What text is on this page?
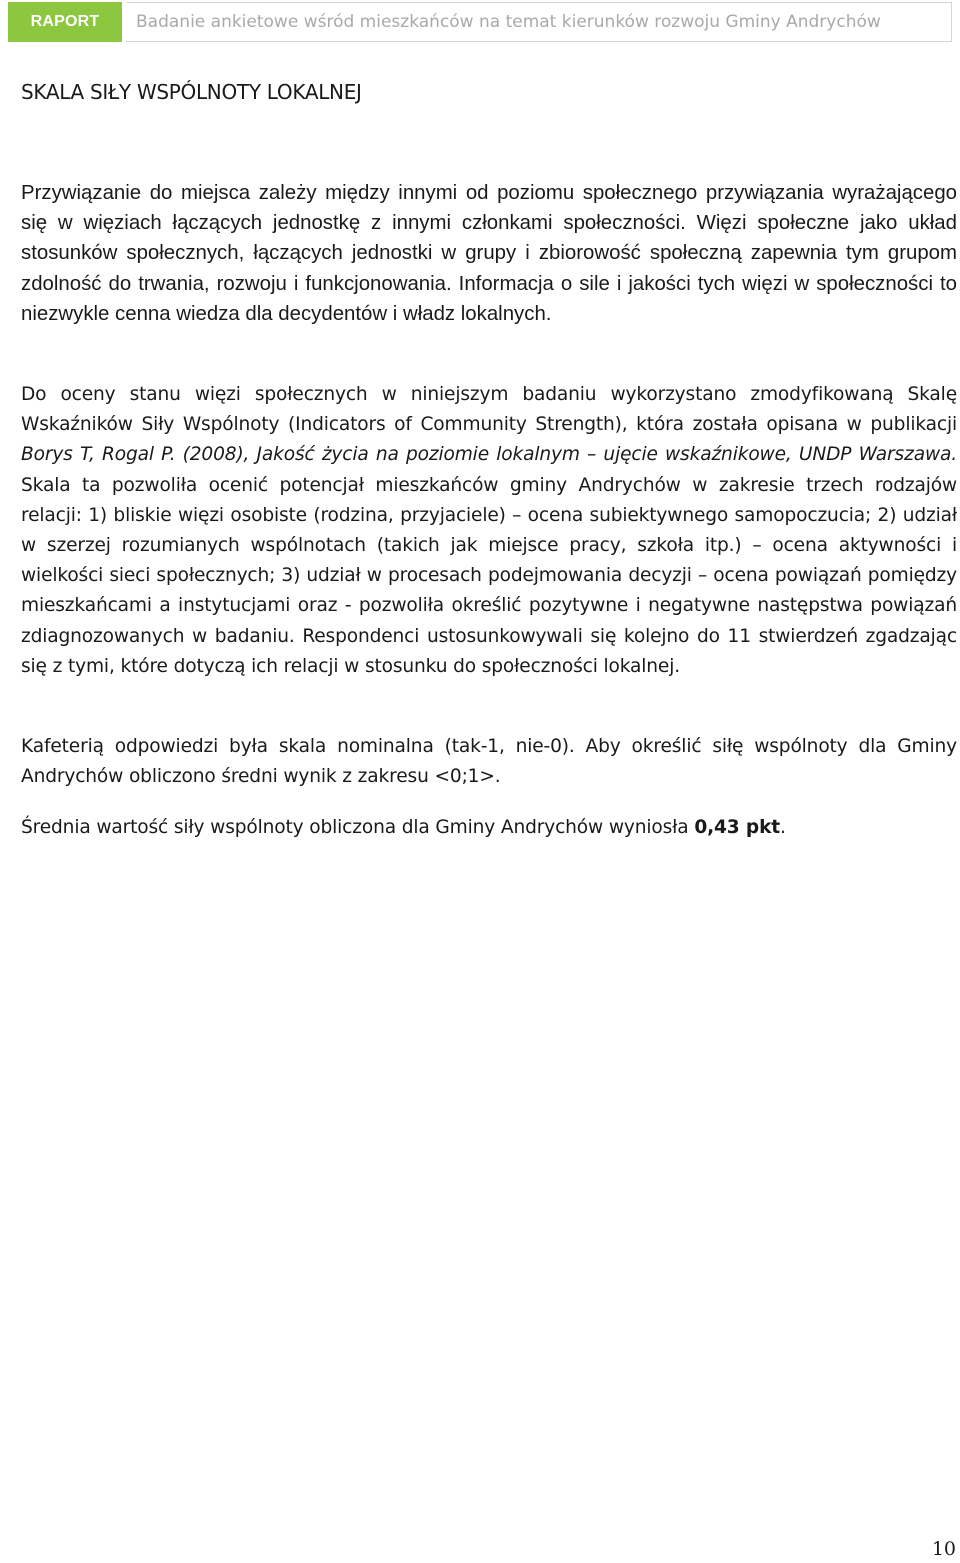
RAPORT	Badanie ankietowe wśród mieszkańców na temat kierunków rozwoju Gminy Andrychów
SKALA SIŁY WSPÓLNOTY LOKALNEJ

Przywiązanie do miejsca zależy między innymi od poziomu społecznego przywiązania wyrażającego się w więziach łączących jednostkę z innymi członkami społeczności. Więzi społeczne jako układ stosunków społecznych, łączących jednostki w grupy i zbiorowość społeczną zapewnia tym grupom zdolność do trwania, rozwoju i funkcjonowania. Informacja o sile i jakości tych więzi w społeczności to niezwykle cenna wiedza dla decydentów i władz lokalnych.

Do oceny stanu więzi społecznych w niniejszym badaniu wykorzystano zmodyfikowaną Skalę Wskaźników Siły Wspólnoty (Indicators of Community Strength), która została opisana w publikacji Borys T, Rogal P. (2008), Jakość życia na poziomie lokalnym – ujęcie wskaźnikowe, UNDP Warszawa. Skala ta pozwoliła ocenić potencjał mieszkańców gminy Andrychów w zakresie trzech rodzajów relacji: 1) bliskie więzi osobiste (rodzina, przyjaciele) – ocena subiektywnego samopoczucia; 2) udział w szerzej rozumianych wspólnotach (takich jak miejsce pracy, szkoła itp.) – ocena aktywności i wielkości sieci społecznych; 3) udział w procesach podejmowania decyzji – ocena powiązań pomiędzy mieszkańcami a instytucjami oraz - pozwoliła określić pozytywne i negatywne następstwa powiązań zdiagnozowanych w badaniu. Respondenci ustosunkowywali się kolejno do 11 stwierdzeń zgadzając się z tymi, które dotyczą ich relacji w stosunku do społeczności lokalnej.

Kafeterią odpowiedzi była skala nominalna (tak-1, nie-0). Aby określić siłę wspólnoty dla Gminy Andrychów obliczono średni wynik z zakresu <0;1>.

Średnia wartość siły wspólnoty obliczona dla Gminy Andrychów wyniosła 0,43 pkt.

10
